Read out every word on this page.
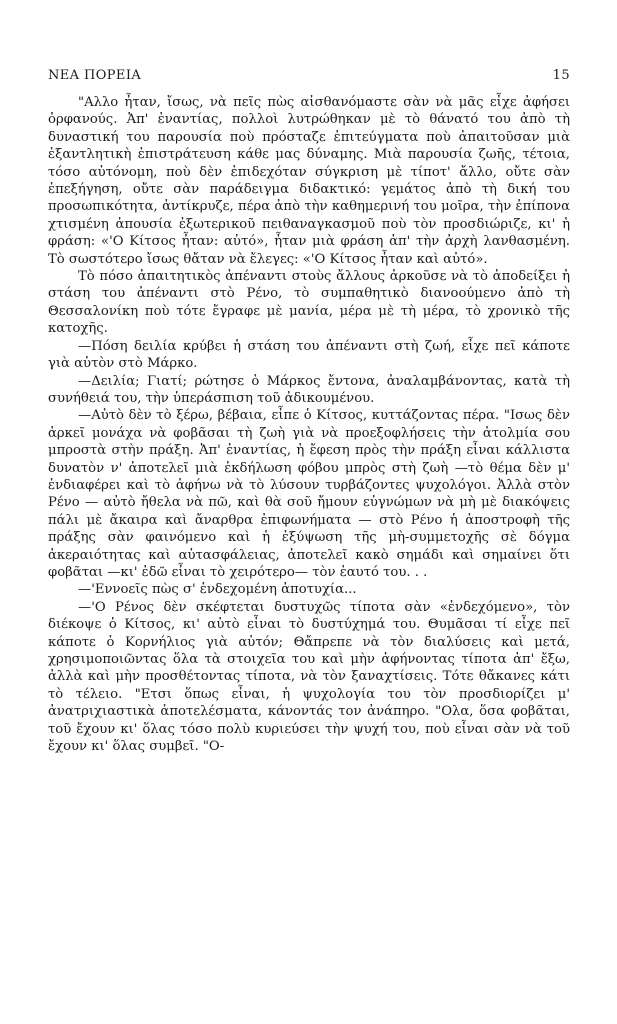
ΝΕΑ ΠΟΡΕΙΑ	15

"Αλλο ἦταν, ἴσως, νὰ πεῖς πὼς αἰσθανόμαστε σὰν νὰ μᾶς εἶχε ἀφήσει ὀρφανούς. Ἀπ' ἐναντίας, πολλοὶ λυτρώθηκαν μὲ τὸ θάνατό του ἀπὸ τὴ δυναστική του παρουσία ποὺ πρόσταζε ἐπιτεύγματα ποὺ ἀπαιτοῦσαν μιὰ ἐξαντλητικὴ ἐπιστράτευση κάθε μας δύναμης. Μιὰ παρουσία ζωῆς, τέτοια, τόσο αὐτόνομη, ποὺ δὲν ἐπιδεχόταν σύγκριση μὲ τίποτ' ἄλλο, οὔτε σὰν ἐπεξήγηση, οὔτε σὰν παράδειγμα διδακτικό: γεμάτος ἀπὸ τὴ δική του προσωπικότητα, ἀντίκρυζε, πέρα ἀπὸ τὴν καθημερινή του μοῖρα, τὴν ἐπίπονα χτισμένη ἀπουσία ἐξωτερικοῦ πειθαναγκασμοῦ ποὺ τὸν προσδιώριζε, κι' ἡ φράση: «'Ο Κίτσος ἦταν: αὐτό», ἦταν μιὰ φράση ἀπ' τὴν ἀρχὴ λανθασμένη. Τὸ σωστότερο ἴσως θἄταν νὰ ἔλεγες: «'Ο Κίτσος ἦταν καὶ αὐτό».

Τὸ πόσο ἀπαιτητικὸς ἀπέναντι στοὺς ἄλλους ἀρκοῦσε νὰ τὸ ἀποδείξει ἡ στάση του ἀπέναντι στὸ Ρένο, τὸ συμπαθητικὸ διανοούμενο ἀπὸ τὴ Θεσσαλονίκη ποὺ τότε ἔγραφε μὲ μανία, μέρα μὲ τὴ μέρα, τὸ χρονικὸ τῆς κατοχῆς.

—Πόση δειλία κρύβει ἡ στάση του ἀπέναντι στὴ ζωή, εἶχε πεῖ κάποτε γιὰ αὐτὸν στὸ Μάρκο.

—Δειλία; Γιατί; ρώτησε ὁ Μάρκος ἔντονα, ἀναλαμβάνοντας, κατὰ τὴ συνήθειά του, τὴν ὑπεράσπιση τοῦ ἀδικουμένου.

—Αὐτὸ δὲν τὸ ξέρω, βέβαια, εἶπε ὁ Κίτσος, κυττάζοντας πέρα. "Ισως δὲν ἀρκεῖ μονάχα νὰ φοβᾶσαι τὴ ζωὴ γιὰ νὰ προεξοφλήσεις τὴν ἀτολμία σου μπροστὰ στὴν πράξη. Ἀπ' ἐναντίας, ἡ ἔφεση πρὸς τὴν πράξη εἶναι κάλλιστα δυνατὸν ν' ἀποτελεῖ μιὰ ἐκδήλωση φόβου μπρὸς στὴ ζωὴ —τὸ θέμα δὲν μ' ἐνδιαφέρει καὶ τὸ ἀφήνω νὰ τὸ λύσουν τυρβάζοντες ψυχολόγοι. Ἀλλὰ στὸν Ρένο — αὐτὸ ἤθελα νὰ πῶ, καὶ θὰ σοῦ ἤμουν εὐγνώμων νὰ μὴ μὲ διακόψεις πάλι μὲ ἄκαιρα καὶ ἄναρθρα ἐπιφωνήματα — στὸ Ρένο ἡ ἀποστροφὴ τῆς πράξης σὰν φαινόμενο καὶ ἡ ἐξύψωση τῆς μὴ-συμμετοχῆς σὲ δόγμα ἀκεραιότητας καὶ αὐτασφάλειας, ἀποτελεῖ κακὸ σημάδι καὶ σημαίνει ὅτι φοβᾶται —κι' ἐδῶ εἶναι τὸ χειρότερο— τὸν ἑαυτό του. . .

—'Εννοεῖς πὼς σ' ἐνδεχομένη ἀποτυχία...

—'Ο Ρένος δὲν σκέφτεται δυστυχῶς τίποτα σὰν «ἐνδεχόμενο», τὸν διέκοψε ὁ Κίτσος, κι' αὐτὸ εἶναι τὸ δυστύχημά του. Θυμᾶσαι τί εἶχε πεῖ κάποτε ὁ Κορνήλιος γιὰ αὐτόν; Θἄπρεπε νὰ τὸν διαλύσεις καὶ μετά, χρησιμοποιῶντας ὅλα τὰ στοιχεῖα του καὶ μὴν ἀφήνοντας τίποτα ἀπ' ἔξω, ἀλλὰ καὶ μὴν προσθέτοντας τίποτα, νὰ τὸν ξαναχτίσεις. Τότε θἄκανες κάτι τὸ τέλειο. "Ετσι ὅπως εἶναι, ἡ ψυχολογία του τὸν προσδιορίζει μ' ἀνατριχιαστικὰ ἀποτελέσματα, κάνοντάς τον ἀνάπηρο. "Ολα, ὅσα φοβᾶται, τοῦ ἔχουν κι' ὅλας τόσο πολὺ κυριεύσει τὴν ψυχή του, ποὺ εἶναι σὰν νὰ τοῦ ἔχουν κι' ὅλας συμβεῖ. "Ο-
